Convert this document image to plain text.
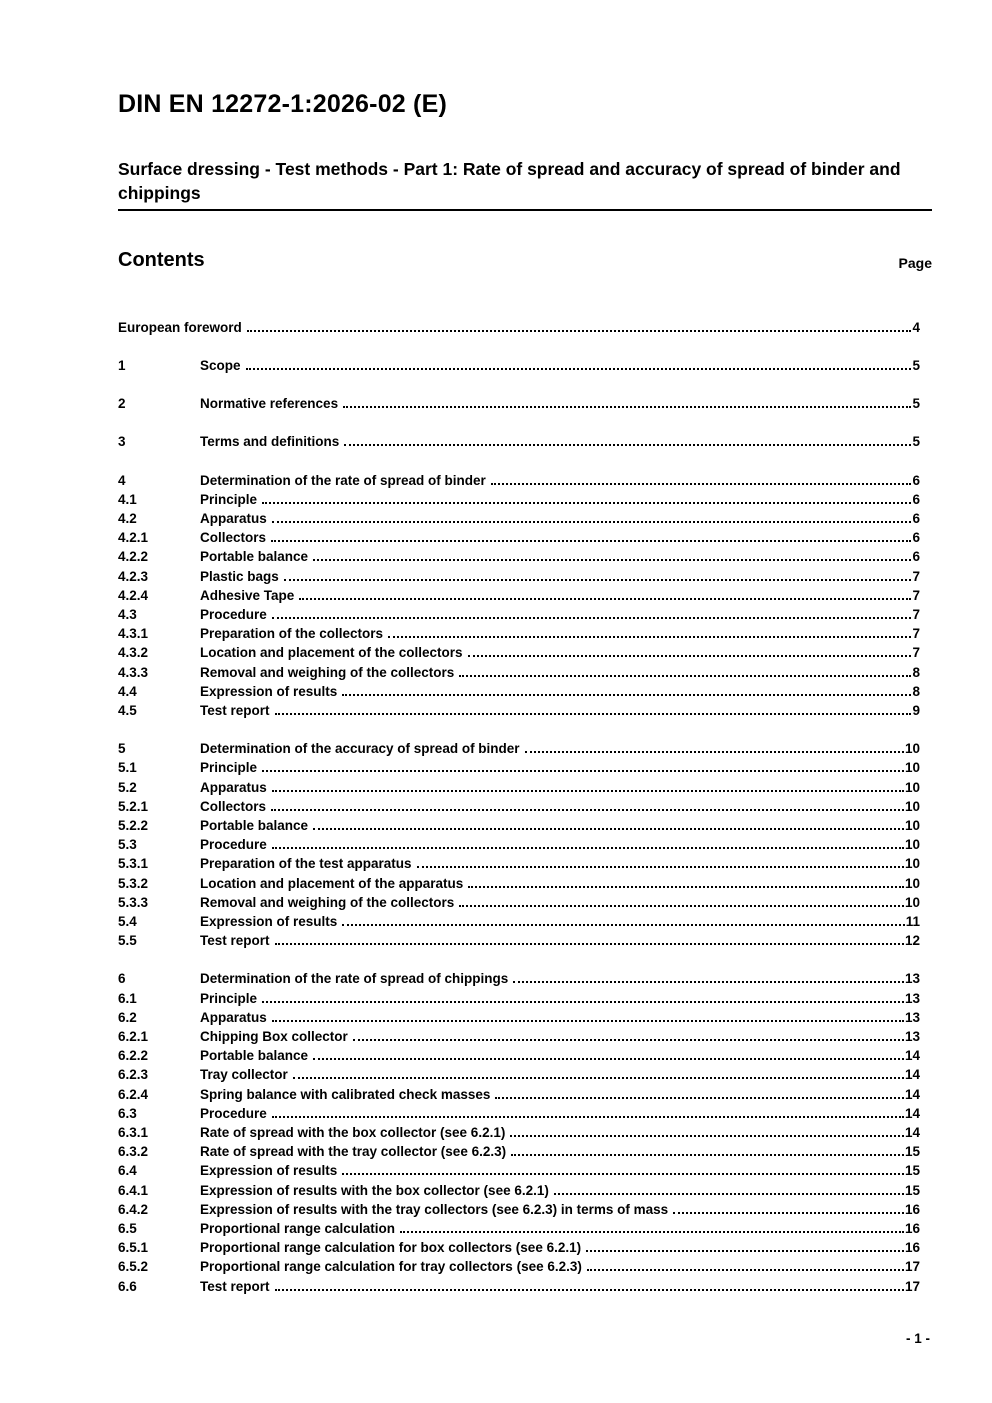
DIN EN 12272-1:2026-02 (E)
Surface dressing - Test methods - Part 1: Rate of spread and accuracy of spread of binder and chippings
Contents	Page
European foreword	4
1	Scope	5
2	Normative references	5
3	Terms and definitions	5
4	Determination of the rate of spread of binder	6
4.1	Principle	6
4.2	Apparatus	6
4.2.1	Collectors	6
4.2.2	Portable balance	6
4.2.3	Plastic bags	7
4.2.4	Adhesive Tape	7
4.3	Procedure	7
4.3.1	Preparation of the collectors	7
4.3.2	Location and placement of the collectors	7
4.3.3	Removal and weighing of the collectors	8
4.4	Expression of results	8
4.5	Test report	9
5	Determination of the accuracy of spread of binder	10
5.1	Principle	10
5.2	Apparatus	10
5.2.1	Collectors	10
5.2.2	Portable balance	10
5.3	Procedure	10
5.3.1	Preparation of the test apparatus	10
5.3.2	Location and placement of the apparatus	10
5.3.3	Removal and weighing of the collectors	10
5.4	Expression of results	11
5.5	Test report	12
6	Determination of the rate of spread of chippings	13
6.1	Principle	13
6.2	Apparatus	13
6.2.1	Chipping Box collector	13
6.2.2	Portable balance	14
6.2.3	Tray collector	14
6.2.4	Spring balance with calibrated check masses	14
6.3	Procedure	14
6.3.1	Rate of spread with the box collector (see 6.2.1)	14
6.3.2	Rate of spread with the tray collector (see 6.2.3)	15
6.4	Expression of results	15
6.4.1	Expression of results with the box collector (see 6.2.1)	15
6.4.2	Expression of results with the tray collectors (see 6.2.3) in terms of mass	16
6.5	Proportional range calculation	16
6.5.1	Proportional range calculation for box collectors (see 6.2.1)	16
6.5.2	Proportional range calculation for tray collectors (see 6.2.3)	17
6.6	Test report	17
- 1 -
